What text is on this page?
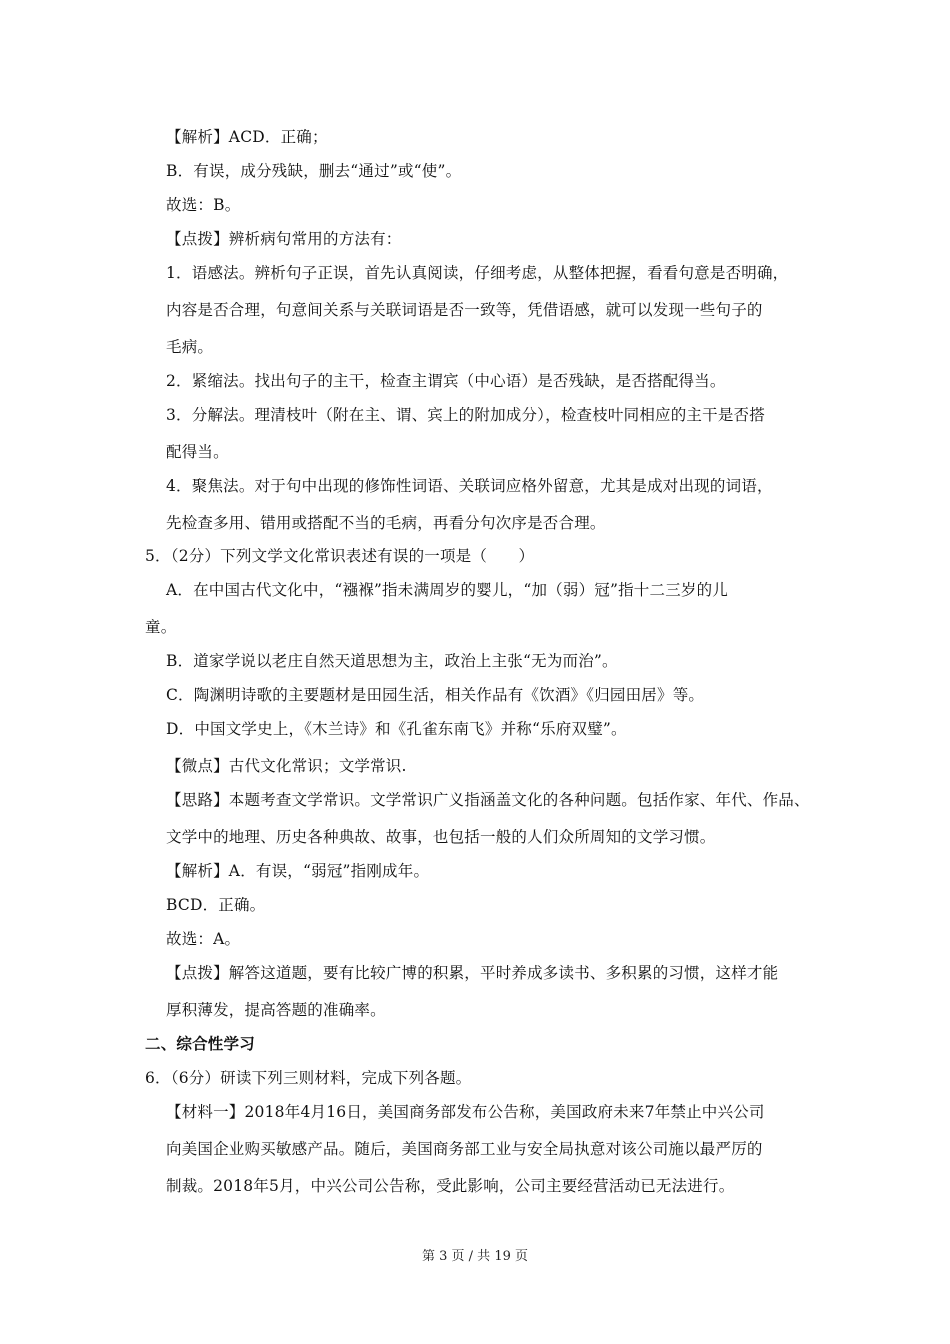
【解析】ACD．正确；
B．有误，成分残缺，删去“通过”或“使”。
故选：B。
【点拨】辨析病句常用的方法有：
1．语感法。辨析句子正误，首先认真阅读，仔细考虑，从整体把握，看看句意是否明确，
内容是否合理，句意间关系与关联词语是否一致等，凭借语感，就可以发现一些句子的
毛病。
2．紧缩法。找出句子的主干，检查主谓宾（中心语）是否残缺，是否搭配得当。
3．分解法。理清枝叶（附在主、谓、宾上的附加成分），检查枝叶同相应的主干是否搭
配得当。
4．聚焦法。对于句中出现的修饰性词语、关联词应格外留意，尤其是成对出现的词语，
先检查多用、错用或搭配不当的毛病，再看分句次序是否合理。
5．（2分）下列文学文化常识表述有误的一项是（　　）
A．在中国古代文化中，“襁褓”指未满周岁的婴儿，“加（弱）冠”指十二三岁的儿
童。
B．道家学说以老庄自然天道思想为主，政治上主张“无为而治”。
C．陶渊明诗歌的主要题材是田园生活，相关作品有《饮酒》《归园田居》等。
D．中国文学史上，《木兰诗》和《孔雀东南飞》并称“乐府双璧”。
【微点】古代文化常识；文学常识.
【思路】本题考查文学常识。文学常识广义指涵盖文化的各种问题。包括作家、年代、作品、
文学中的地理、历史各种典故、故事，也包括一般的人们众所周知的文学习惯。
【解析】A．有误，“弱冠”指刚成年。
BCD．正确。
故选：A。
【点拨】解答这道题，要有比较广博的积累，平时养成多读书、多积累的习惯，这样才能
厚积薄发，提高答题的准确率。
二、综合性学习
6．（6分）研读下列三则材料，完成下列各题。
【材料一】2018年4月16日，美国商务部发布公告称，美国政府未来7年禁止中兴公司
向美国企业购买敏感产品。随后，美国商务部工业与安全局执意对该公司施以最严厉的
制裁。2018年5月，中兴公司公告称，受此影响，公司主要经营活动已无法进行。
第 3 页 / 共 19 页
